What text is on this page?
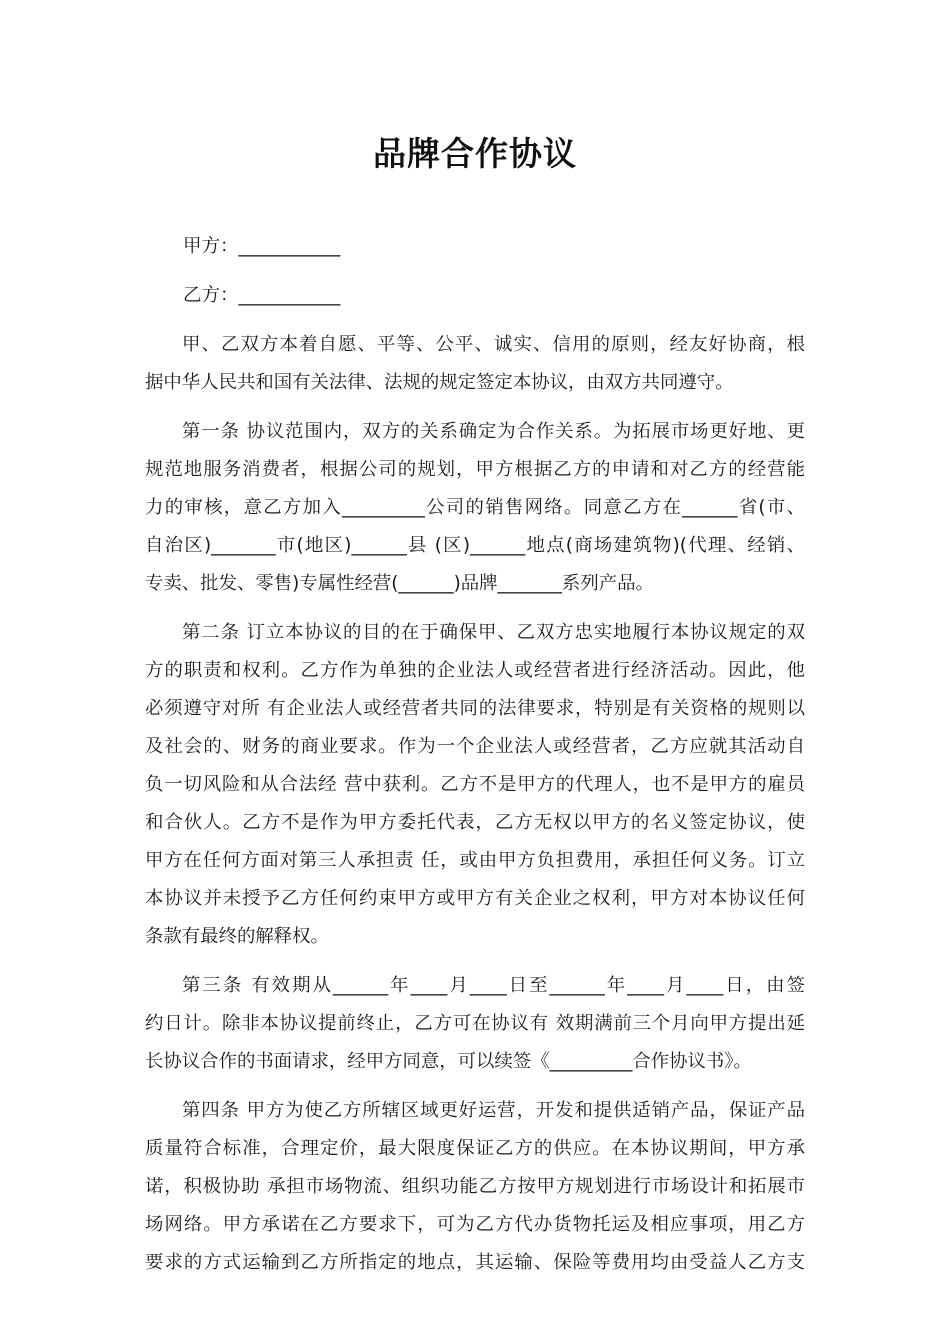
品牌合作协议
甲方：___________
乙方：___________

甲、乙双方本着自愿、平等、公平、诚实、信用的原则，经友好协商，根
据中华人民共和国有关法律、法规的规定签定本协议，由双方共同遵守。

第一条 协议范围内，双方的关系确定为合作关系。为拓展市场更好地、更
规范地服务消费者，根据公司的规划，甲方根据乙方的申请和对乙方的经营能
力的审核，意乙方加入_________公司的销售网络。同意乙方在______省(市、
自治区)_______市(地区)______县 (区)______地点(商场建筑物)(代理、经销、
专卖、批发、零售)专属性经营(______)品牌_______系列产品。

第二条 订立本协议的目的在于确保甲、乙双方忠实地履行本协议规定的双
方的职责和权利。乙方作为单独的企业法人或经营者进行经济活动。因此，他
必须遵守对所 有企业法人或经营者共同的法律要求，特别是有关资格的规则以
及社会的、财务的商业要求。作为一个企业法人或经营者，乙方应就其活动自
负一切风险和从合法经 营中获利。乙方不是甲方的代理人，也不是甲方的雇员
和合伙人。乙方不是作为甲方委托代表，乙方无权以甲方的名义签定协议，使
甲方在任何方面对第三人承担责 任，或由甲方负担费用，承担任何义务。订立
本协议并未授予乙方任何约束甲方或甲方有关企业之权利，甲方对本协议任何
条款有最终的解释权。

第三条 有效期从______年____月____日至______年____月____日，由签
约日计。除非本协议提前终止，乙方可在协议有 效期满前三个月向甲方提出延
长协议合作的书面请求，经甲方同意，可以续签《_________合作协议书》。

第四条 甲方为使乙方所辖区域更好运营，开发和提供适销产品，保证产品
质量符合标准，合理定价，最大限度保证乙方的供应。在本协议期间，甲方承
诺，积极协助 承担市场物流、组织功能乙方按甲方规划进行市场设计和拓展市
场网络。甲方承诺在乙方要求下，可为乙方代办货物托运及相应事项，用乙方
要求的方式运输到乙方所指定的地点，其运输、保险等费用均由受益人乙方支
